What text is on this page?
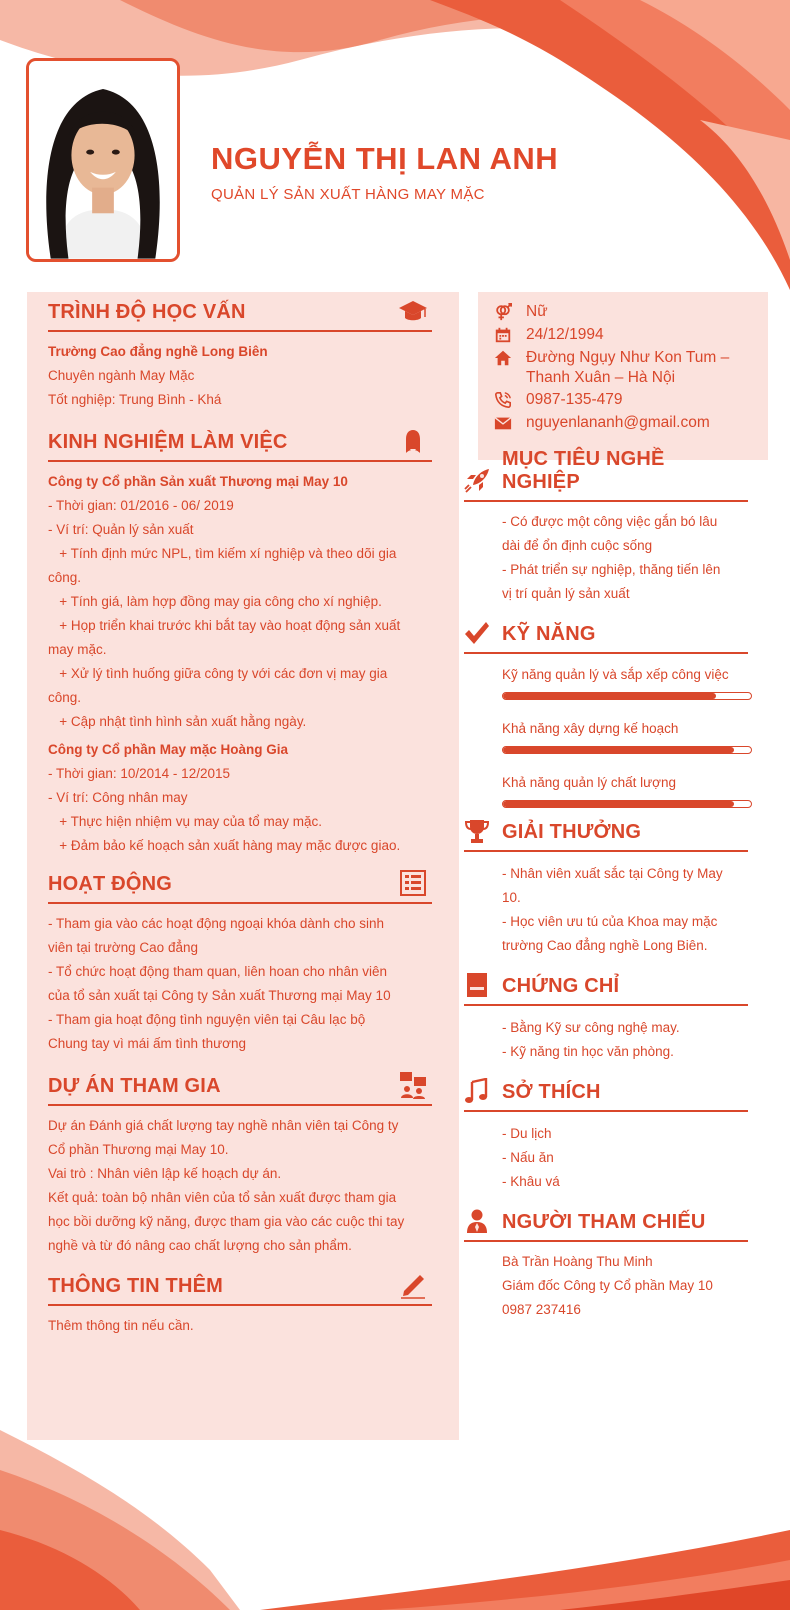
NGUYỄN THỊ LAN ANH
QUẢN LÝ SẢN XUẤT HÀNG MAY MẶC
Nữ
24/12/1994
Đường Ngụy Như Kon Tum –
Thanh Xuân – Hà Nội
0987-135-479
nguyenlananh@gmail.com
TRÌNH ĐỘ HỌC VẤN

Trường Cao đẳng nghề Long Biên

Chuyên ngành May Mặc

Tốt nghiệp: Trung Bình - Khá

KINH NGHIỆM LÀM VIỆC

Công ty Cổ phần Sản xuất Thương mại May 10

- Thời gian: 01/2016 - 06/ 2019

- Ví trí: Quản lý sản xuất

+ Tính định mức NPL, tìm kiếm xí nghiệp và theo dõi gia

công.

+ Tính giá, làm hợp đồng may gia công cho xí nghiệp.

+ Họp triển khai trước khi bắt tay vào hoạt động sản xuất

may mặc.

+ Xử lý tình huống giữa công ty với các đơn vị may gia

công.

+ Cập nhật tình hình sản xuất hằng ngày.

Công ty Cổ phần May mặc Hoàng Gia

- Thời gian: 10/2014 - 12/2015

- Ví trí: Công nhân may

+ Thực hiện nhiệm vụ may của tổ may mặc.

+ Đảm bảo kế hoạch sản xuất hàng may mặc được giao.

HOẠT ĐỘNG

- Tham gia vào các hoạt động ngoại khóa dành cho sinh

viên tại trường Cao đẳng

- Tổ chức hoạt động tham quan, liên hoan cho nhân viên

của tổ sản xuất tại Công ty Sản xuất Thương mại May 10

- Tham gia hoạt động tình nguyện viên tại Câu lạc bộ

Chung tay vì mái ấm tình thương

DỰ ÁN THAM GIA

Dự án Đánh giá chất lượng tay nghề nhân viên tại Công ty

Cổ phần Thương mại May 10.

Vai trò : Nhân viên lập kế hoạch dự án.

Kết quả: toàn bộ nhân viên của tổ sản xuất được tham gia

học bồi dưỡng kỹ năng, được tham gia vào các cuộc thi tay

nghề và từ đó nâng cao chất lượng cho sản phẩm.

THÔNG TIN THÊM

Thêm thông tin nếu cần.

MỤC TIÊU NGHỀ NGHIỆP

- Có được một công việc gắn bó lâu

dài để ổn định cuộc sống

- Phát triển sự nghiệp, thăng tiến lên

vị trí quản lý sản xuất

KỸ NĂNG

Kỹ năng quản lý và sắp xếp công việc

Khả năng xây dựng kế hoạch

Khả năng quản lý chất lượng

GIẢI THƯỞNG

- Nhân viên xuất sắc tại Công ty May

10.

- Học viên ưu tú của Khoa may mặc

trường Cao đẳng nghề Long Biên.

CHỨNG CHỈ

- Bằng Kỹ sư công nghệ may.

- Kỹ năng tin học văn phòng.

SỞ THÍCH

- Du lịch

- Nấu ăn

- Khâu vá

NGƯỜI THAM CHIẾU

Bà Trần Hoàng Thu Minh

Giám đốc Công ty Cổ phần May 10

0987 237416
